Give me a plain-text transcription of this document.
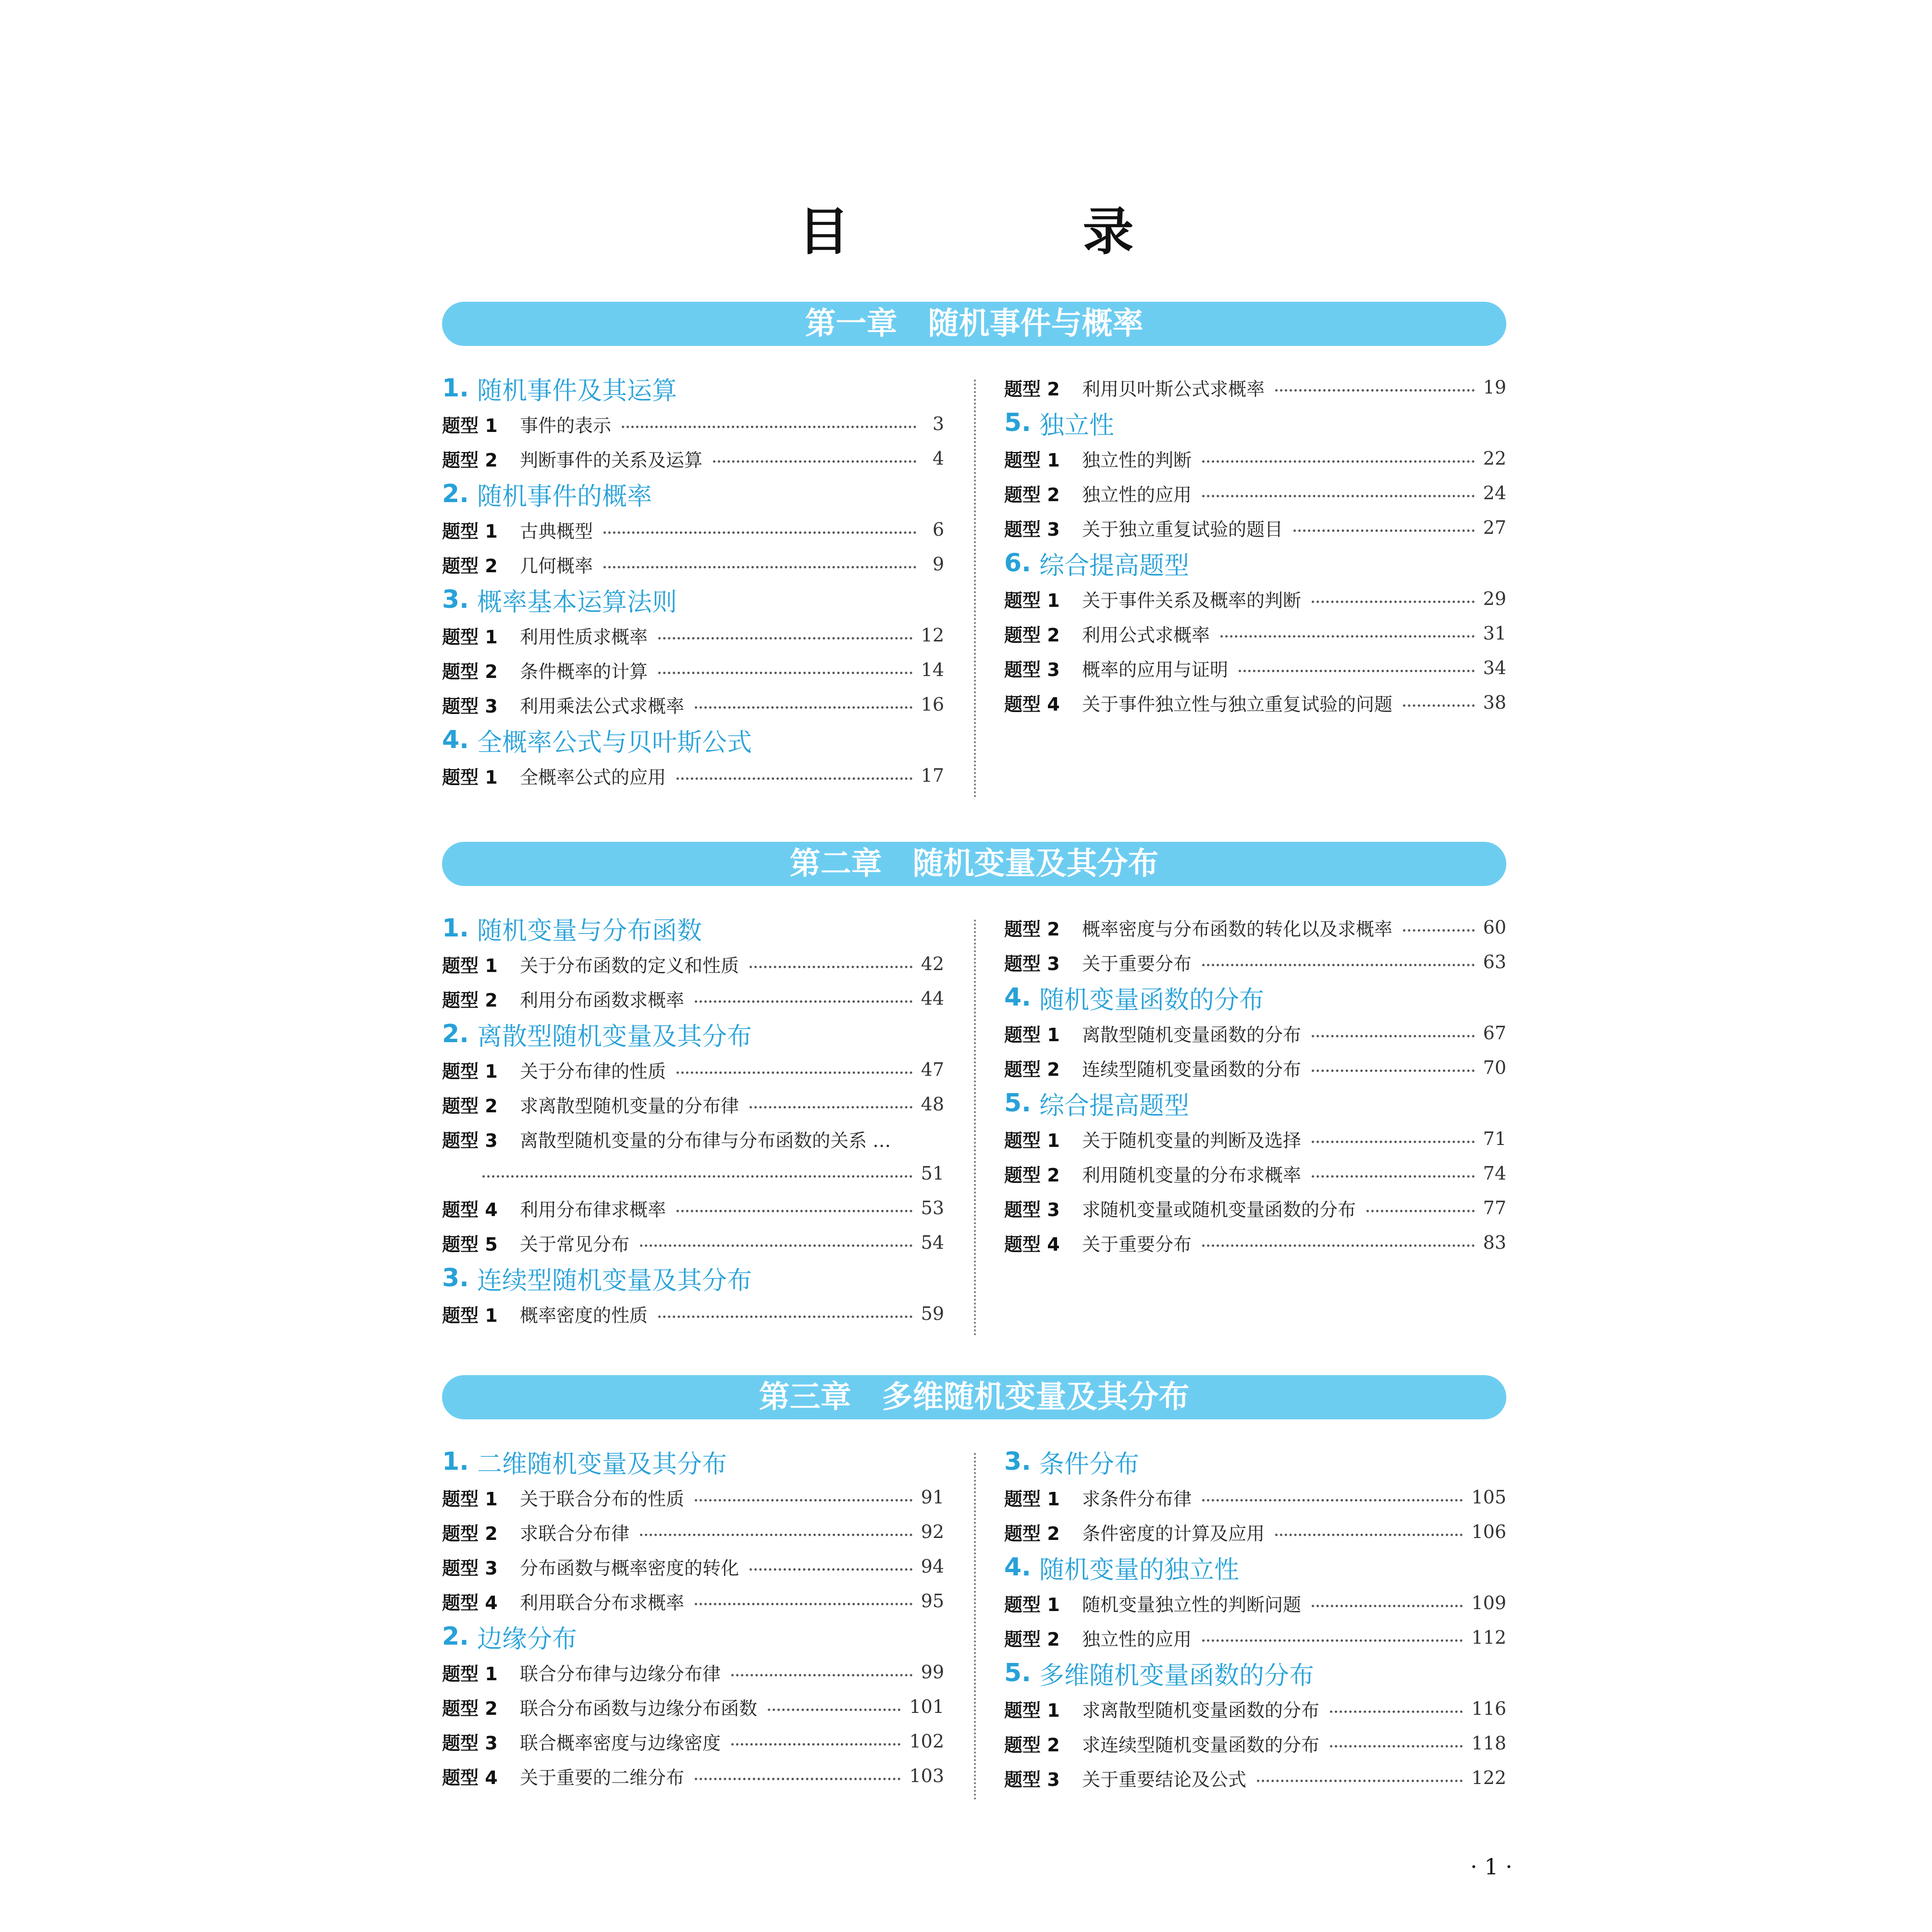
目　录
第一章　随机事件与概率
1. 随机事件及其运算
题型 1	事件的表示	3
题型 2	判断事件的关系及运算	4
2. 随机事件的概率
题型 1	古典概型	6
题型 2	几何概率	9
3. 概率基本运算法则
题型 1	利用性质求概率	12
题型 2	条件概率的计算	14
题型 3	利用乘法公式求概率	16
4. 全概率公式与贝叶斯公式
题型 1	全概率公式的应用	17
题型 2	利用贝叶斯公式求概率	19
5. 独立性
题型 1	独立性的判断	22
题型 2	独立性的应用	24
题型 3	关于独立重复试验的题目	27
6. 综合提高题型
题型 1	关于事件关系及概率的判断	29
题型 2	利用公式求概率	31
题型 3	概率的应用与证明	34
题型 4	关于事件独立性与独立重复试验的问题	38
第二章　随机变量及其分布
1. 随机变量与分布函数
题型 1	关于分布函数的定义和性质	42
题型 2	利用分布函数求概率	44
2. 离散型随机变量及其分布
题型 1	关于分布律的性质	47
题型 2	求离散型随机变量的分布律	48
题型 3	离散型随机变量的分布律与分布函数的关系 …
51
题型 4	利用分布律求概率	53
题型 5	关于常见分布	54
3. 连续型随机变量及其分布
题型 1	概率密度的性质	59
题型 2	概率密度与分布函数的转化以及求概率	60
题型 3	关于重要分布	63
4. 随机变量函数的分布
题型 1	离散型随机变量函数的分布	67
题型 2	连续型随机变量函数的分布	70
5. 综合提高题型
题型 1	关于随机变量的判断及选择	71
题型 2	利用随机变量的分布求概率	74
题型 3	求随机变量或随机变量函数的分布	77
题型 4	关于重要分布	83
第三章　多维随机变量及其分布
1. 二维随机变量及其分布
题型 1	关于联合分布的性质	91
题型 2	求联合分布律	92
题型 3	分布函数与概率密度的转化	94
题型 4	利用联合分布求概率	95
2. 边缘分布
题型 1	联合分布律与边缘分布律	99
题型 2	联合分布函数与边缘分布函数	101
题型 3	联合概率密度与边缘密度	102
题型 4	关于重要的二维分布	103
3. 条件分布
题型 1	求条件分布律	105
题型 2	条件密度的计算及应用	106
4. 随机变量的独立性
题型 1	随机变量独立性的判断问题	109
题型 2	独立性的应用	112
5. 多维随机变量函数的分布
题型 1	求离散型随机变量函数的分布	116
题型 2	求连续型随机变量函数的分布	118
题型 3	关于重要结论及公式	122
· 1 ·
